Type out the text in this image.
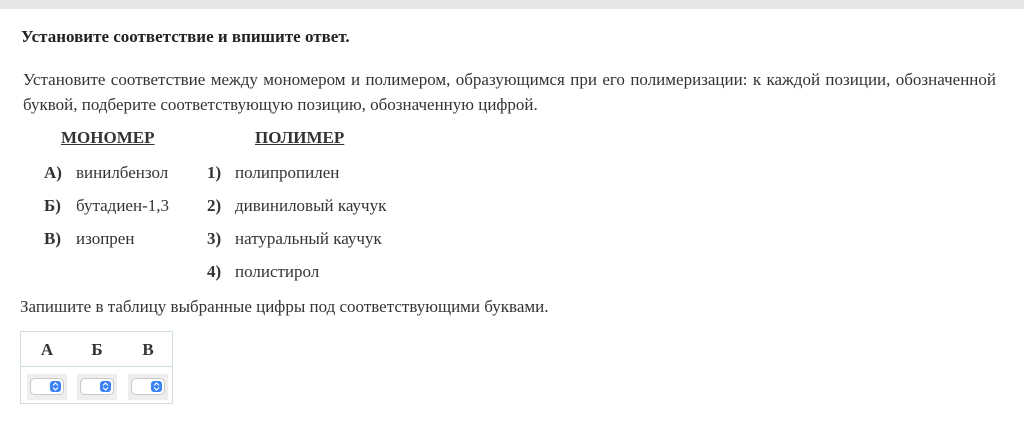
Установите соответствие и впишите ответ.
Установите соответствие между мономером и полимером, образующимся при его полимеризации: к каждой позиции, обозначенной буквой, подберите соответствующую позицию, обозначенную цифрой.
МОНОМЕР	ПОЛИМЕР
А) винилбензол
Б) бутадиен-1,3
В) изопрен
1) полипропилен
2) дивиниловый каучук
3) натуральный каучук
4) полистирол
Запишите в таблицу выбранные цифры под соответствующими буквами.
А	Б	В
